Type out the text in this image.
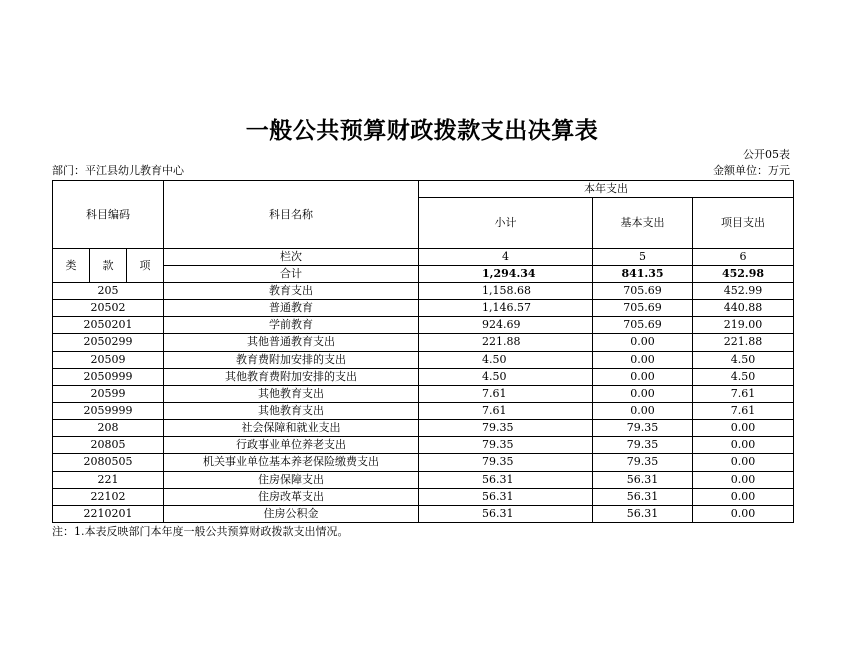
一般公共预算财政拨款支出决算表
公开05表
部门：平江县幼儿教育中心	金额单位：万元
科目编码			科目名称	本年支出		
				小计	基本支出	项目支出
类	款	项	栏次	4	5	6
			合计	1,294.34	841.35	452.98
205			教育支出	1,158.68	705.69	452.99
20502			普通教育	1,146.57	705.69	440.88
2050201			学前教育	924.69	705.69	219.00
2050299			其他普通教育支出	221.88	0.00	221.88
20509			教育费附加安排的支出	4.50	0.00	4.50
2050999			其他教育费附加安排的支出	4.50	0.00	4.50
20599			其他教育支出	7.61	0.00	7.61
2059999			其他教育支出	7.61	0.00	7.61
208			社会保障和就业支出	79.35	79.35	0.00
20805			行政事业单位养老支出	79.35	79.35	0.00
2080505			机关事业单位基本养老保险缴费支出	79.35	79.35	0.00
221			住房保障支出	56.31	56.31	0.00
22102			住房改革支出	56.31	56.31	0.00
2210201			住房公积金	56.31	56.31	0.00
注：1.本表反映部门本年度一般公共预算财政拨款支出情况。
